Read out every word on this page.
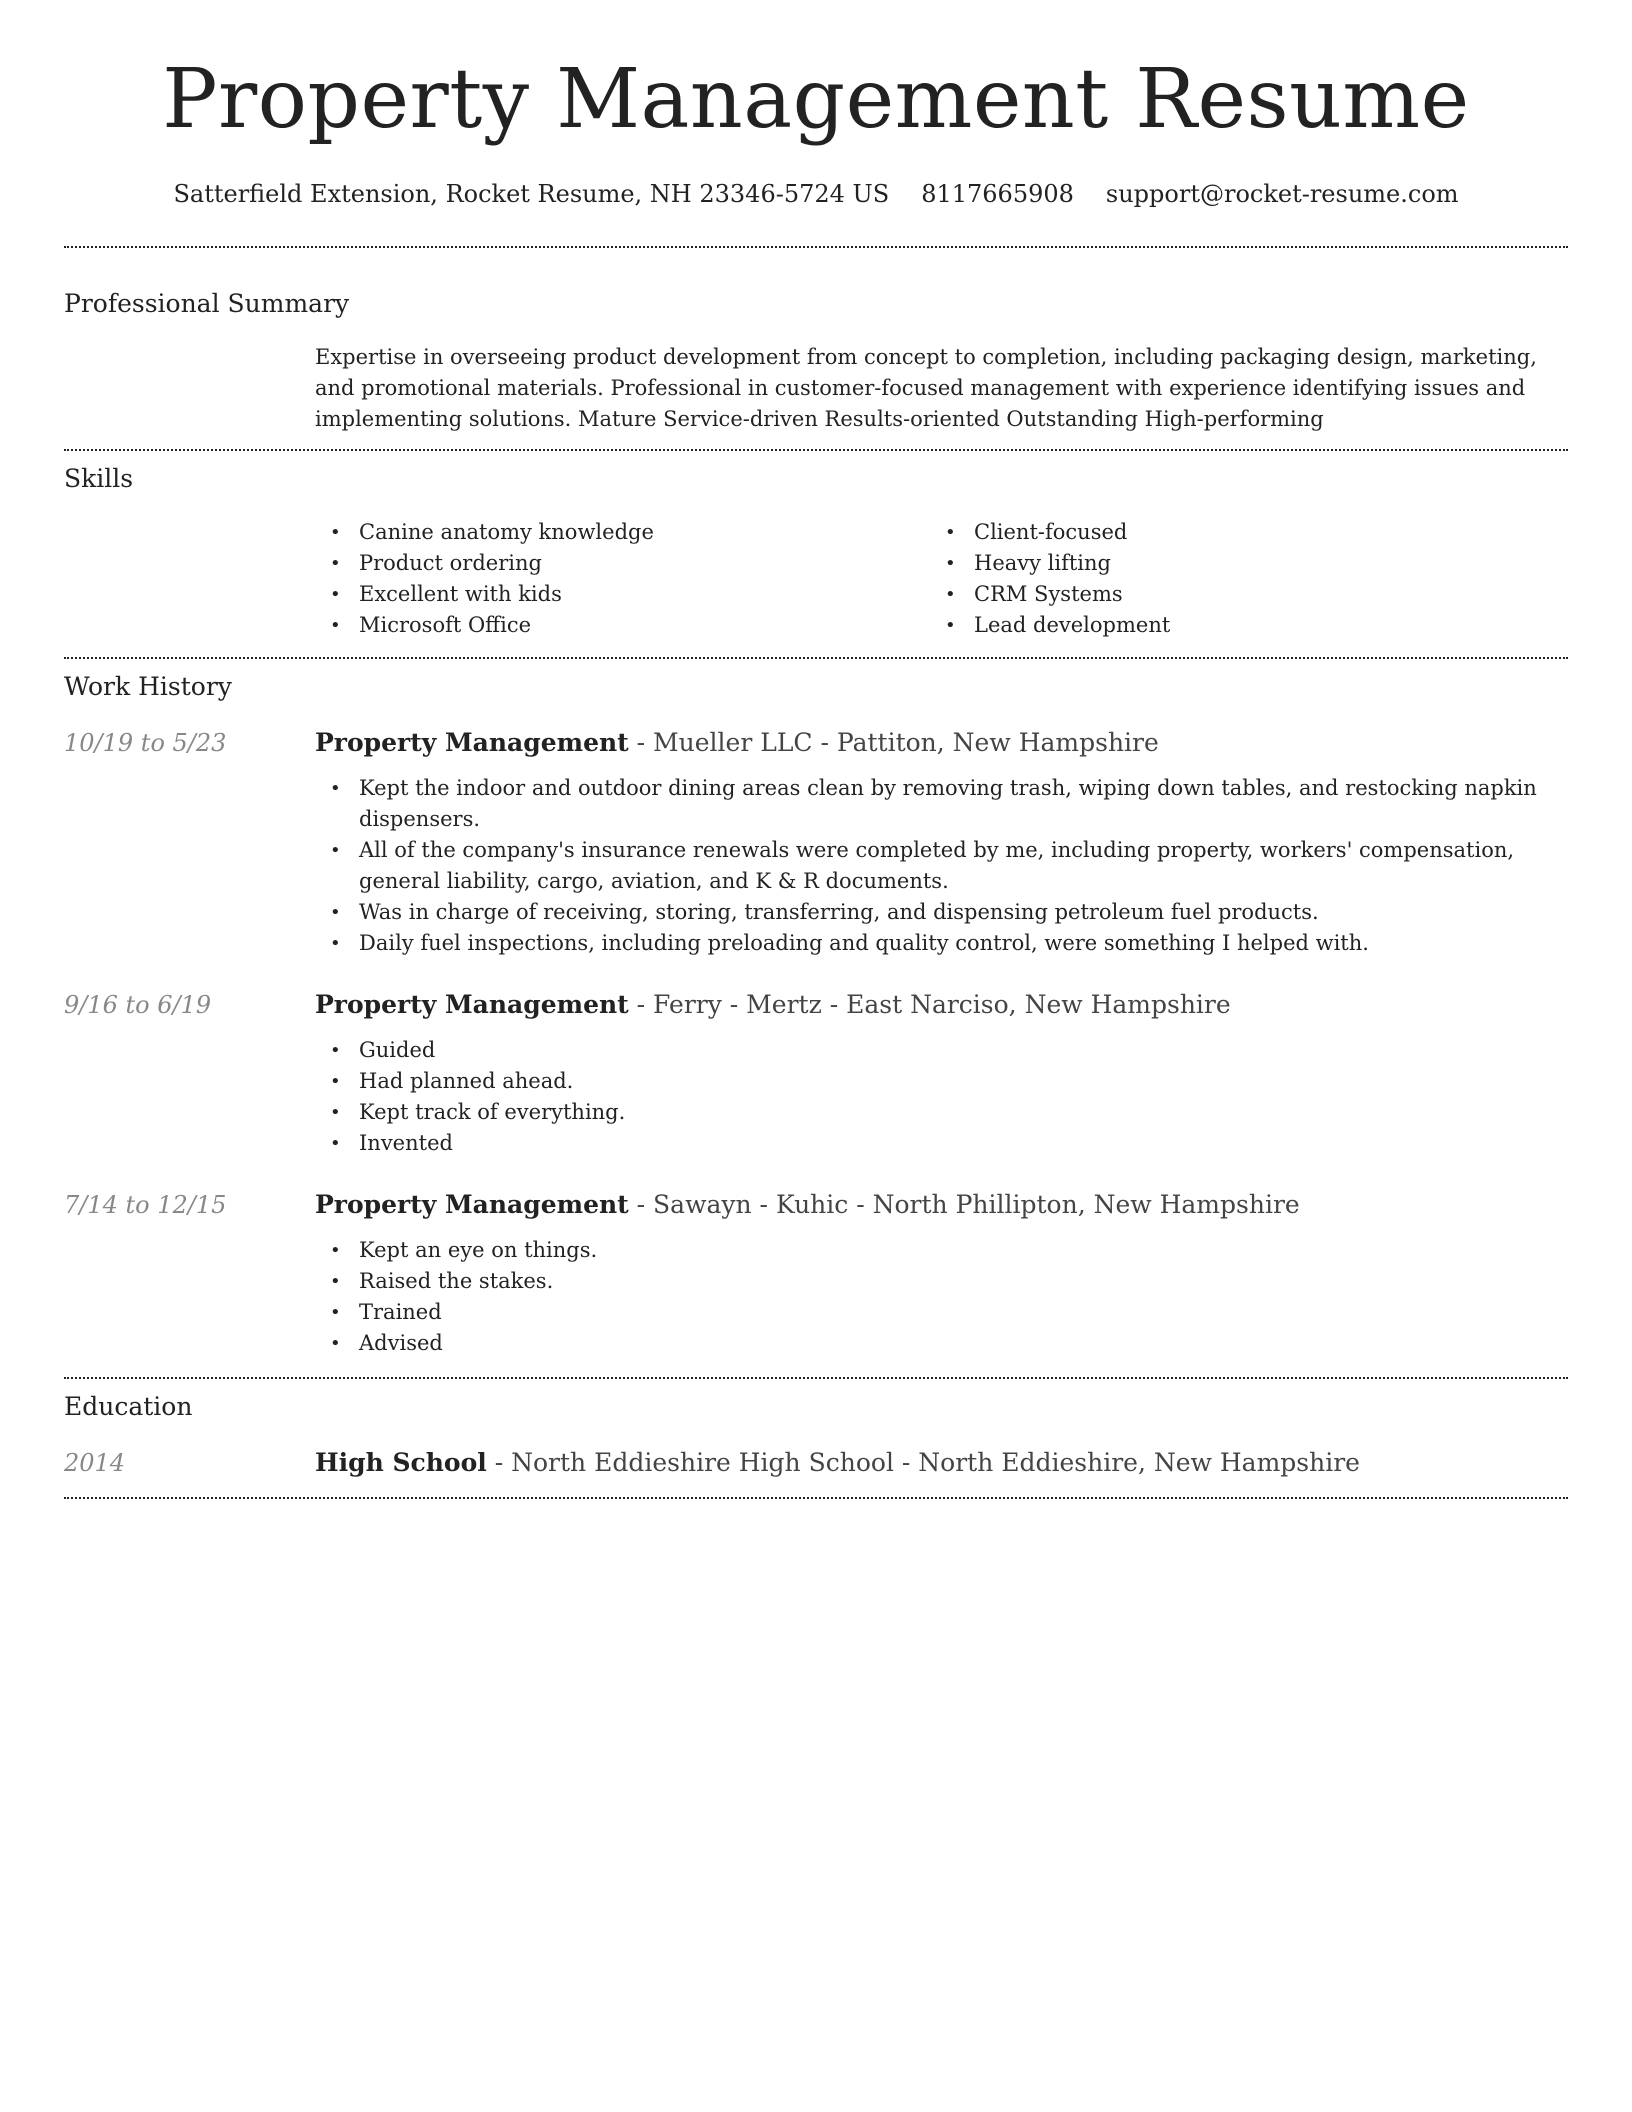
Property Management Resume
Satterfield Extension, Rocket Resume, NH 23346-5724 US 8117665908 support@rocket-resume.com
Professional Summary

Expertise in overseeing product development from concept to completion, including packaging design, marketing, and promotional materials. Professional in customer-focused management with experience identifying issues and implementing solutions. Mature Service-driven Results-oriented Outstanding High-performing

Skills
• Canine anatomy knowledge
• Product ordering
• Excellent with kids
• Microsoft Office
• Client-focused
• Heavy lifting
• CRM Systems
• Lead development
Work History
10/19 to 5/23	Property Management - Mueller LLC - Pattiton, New Hampshire
• Kept the indoor and outdoor dining areas clean by removing trash, wiping down tables, and restocking napkin dispensers.
• All of the company's insurance renewals were completed by me, including property, workers' compensation, general liability, cargo, aviation, and K & R documents.
• Was in charge of receiving, storing, transferring, and dispensing petroleum fuel products.
• Daily fuel inspections, including preloading and quality control, were something I helped with.
9/16 to 6/19	Property Management - Ferry - Mertz - East Narciso, New Hampshire
• Guided
• Had planned ahead.
• Kept track of everything.
• Invented
7/14 to 12/15	Property Management - Sawayn - Kuhic - North Phillipton, New Hampshire
• Kept an eye on things.
• Raised the stakes.
• Trained
• Advised
Education
2014	High School - North Eddieshire High School - North Eddieshire, New Hampshire
